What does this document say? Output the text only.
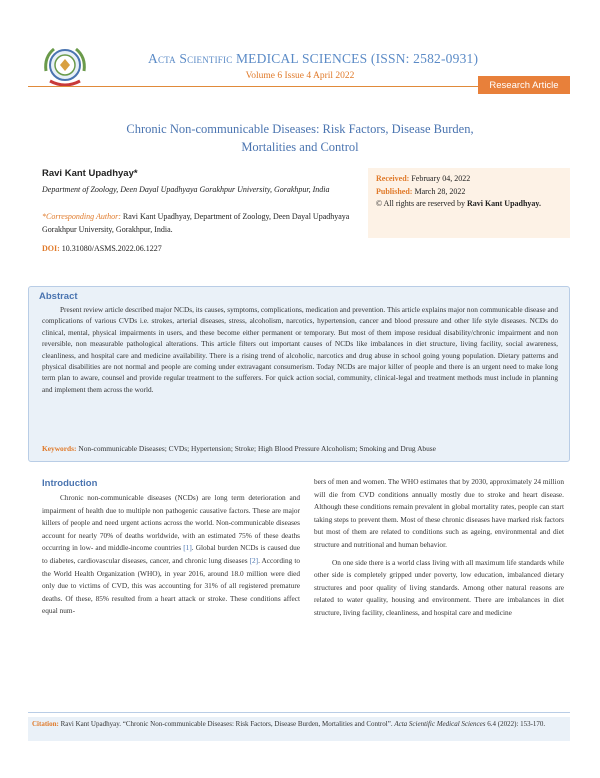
Acta Scientific MEDICAL SCIENCES (ISSN: 2582-0931)
Volume 6 Issue 4 April 2022
Research Article
Chronic Non-communicable Diseases: Risk Factors, Disease Burden, Mortalities and Control
Ravi Kant Upadhyay*
Department of Zoology, Deen Dayal Upadhyaya Gorakhpur University, Gorakhpur, India
*Corresponding Author: Ravi Kant Upadhyay, Department of Zoology, Deen Dayal Upadhyaya Gorakhpur University, Gorakhpur, India.
DOI: 10.31080/ASMS.2022.06.1227
Received: February 04, 2022
Published: March 28, 2022
© All rights are reserved by Ravi Kant Upadhyay.
Abstract
Present review article described major NCDs, its causes, symptoms, complications, medication and prevention. This article explains major non communicable disease and complications of various CVDs i.e. strokes, arterial diseases, stress, alcoholism, narcotics, hypertension, cancer and blood pressure and other life style diseases. NCDs do clinical, mental, physical impairments in users, and these become either permanent or temporary. But most of them impose residual disability/chronic impairment and non reversible, non measurable pathological alterations. This article filters out important causes of NCDs like imbalances in diet structure, living facility, social awareness, cleanliness, and hospital care and medicine availability. There is a rising trend of alcoholic, narcotics and drug abuse in school going young population. Dietary patterns and physical disabilities are not normal and people are coming under extravagant consumerism. Today NCDs are major killer of people and there is an urgent need to make long term plan to aware, counsel and provide regular treatment to the sufferers. For quick action social, community, clinical-legal and treatment methods must include in planning and implement them across the world.
Keywords: Non-communicable Diseases; CVDs; Hypertension; Stroke; High Blood Pressure Alcoholism; Smoking and Drug Abuse
Introduction
Chronic non-communicable diseases (NCDs) are long term deterioration and impairment of health due to multiple non pathogenic causative factors. These are major killers of people and need urgent actions across the world. Non-communicable diseases account for nearly 70% of deaths worldwide, with an estimated 75% of these deaths occurring in low- and middle-income countries [1]. Global burden NCDs is caused due to diabetes, cardiovascular diseases, cancer, and chronic lung diseases [2]. According to the World Health Organization (WHO), in year 2016, around 18.0 million were died only due to victims of CVD, this was accounting for 31% of all registered premature deaths. Of these, 85% resulted from a heart attack or stroke. These conditions affect equal num-

bers of men and women. The WHO estimates that by 2030, approximately 24 million will die from CVD conditions annually mostly due to stroke and heart disease. Although these conditions remain prevalent in global mortality rates, people can start taking steps to prevent them. Most of these chronic diseases have marked risk factors but most of them are related to conditions such as ageing, environmental and diet structure and nutritional and human behavior.

On one side there is a world class living with all maximum life standards while other side is completely gripped under poverty, low education, imbalanced dietary structures and poor quality of living standards. Among other natural reasons are related to water quality, housing and environment. There are imbalances in diet structure, living facility, cleanliness, and hospital care and medicine

Citation: Ravi Kant Upadhyay. “Chronic Non-communicable Diseases: Risk Factors, Disease Burden, Mortalities and Control”. Acta Scientific Medical Sciences 6.4 (2022): 153-170.
